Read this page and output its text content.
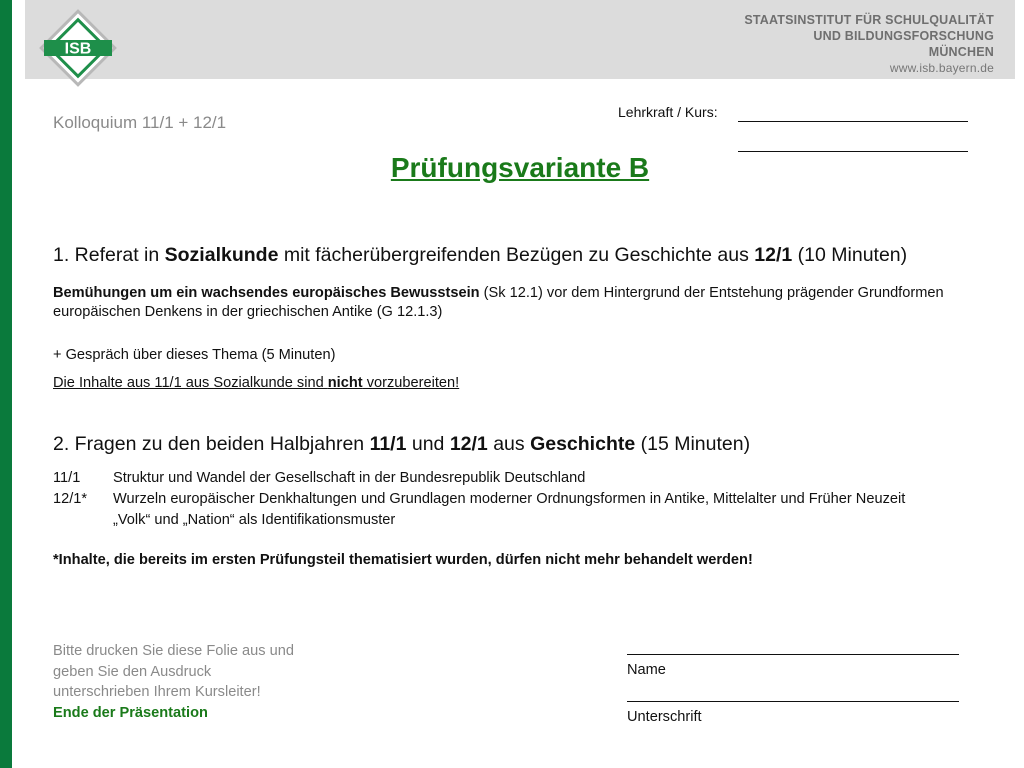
ISB
STAATSINSTITUT FÜR SCHULQUALITÄT
UND BILDUNGSFORSCHUNG
MÜNCHEN
www.isb.bayern.de
Kolloquium 11/1 + 12/1
Lehrkraft / Kurs:
Prüfungsvariante B
1. Referat in Sozialkunde mit fächerübergreifenden Bezügen zu Geschichte aus 12/1 (10 Minuten)
Bemühungen um ein wachsendes europäisches Bewusstsein (Sk 12.1) vor dem Hintergrund der Entstehung prägender Grundformen
europäischen Denkens in der griechischen Antike (G 12.1.3)
+ Gespräch über dieses Thema (5 Minuten)
Die Inhalte aus 11/1 aus Sozialkunde sind nicht vorzubereiten!
2. Fragen zu den beiden Halbjahren 11/1 und 12/1 aus Geschichte (15 Minuten)
11/1 Struktur und Wandel der Gesellschaft in der Bundesrepublik Deutschland
12/1* Wurzeln europäischer Denkhaltungen und Grundlagen moderner Ordnungsformen in Antike, Mittelalter und Früher Neuzeit
„Volk“ und „Nation“ als Identifikationsmuster
*Inhalte, die bereits im ersten Prüfungsteil thematisiert wurden, dürfen nicht mehr behandelt werden!
Bitte drucken Sie diese Folie aus und
geben Sie den Ausdruck
unterschrieben Ihrem Kursleiter!
Ende der Präsentation
Name
Unterschrift
